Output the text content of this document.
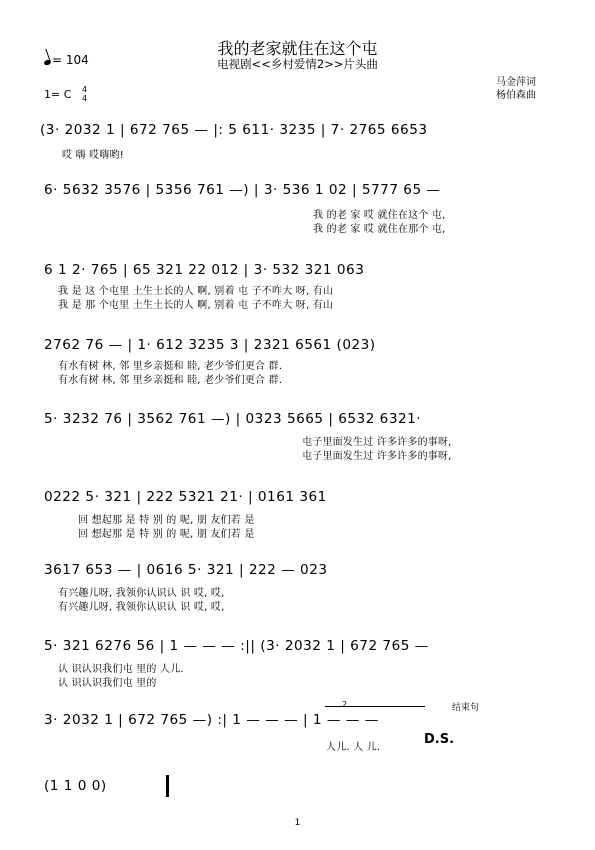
我的老家就住在这个屯
电视剧<<乡村爱情2>>片头曲
= 104
1= C 4
4
马金萍词
杨伯森曲
(3· 2032 1 | 672 765 — |: 5 611· 3235 | 7· 2765 6653
哎 嗨 哎嗨哟!
6· 5632 3576 | 5356 761 —) | 3· 536 1 02 | 5777 65 —
我 的老 家 哎 就住在这个 屯,
我 的老 家 哎 就住在那个 屯,
6 1 2· 765 | 65 321 22 012 | 3· 532 321 063
我 是 这 个屯里 土生土长的人 啊, 别着 屯 子不咋大 呀, 有山
我 是 那 个屯里 土生土长的人 啊, 别着 屯 子不咋大 呀, 有山
2762 76 — | 1· 612 3235 3 | 2321 6561 (023)
有水有树 林, 邻 里乡亲挺和 睦, 老少爷们更合 群.
有水有树 林, 邻 里乡亲挺和 睦, 老少爷们更合 群.
5· 3232 76 | 3562 761 —) | 0323 5665 | 6532 6321·
屯子里面发生过 许多许多的事呀,
屯子里面发生过 许多许多的事呀,
0222 5· 321 | 222 5321 21· | 0161 361
回 想起那 是 特 别 的 呢, 朋 友们若 是
回 想起那 是 特 别 的 呢, 朋 友们若 是
3617 653 — | 0616 5· 321 | 222 — 023
有兴趣儿呀, 我领你认识认 识 哎, 哎,
有兴趣儿呀, 我领你认识认 识 哎, 哎,
5· 321 6276 56 | 1 — — — :|| (3· 2032 1 | 672 765 —
认 识认识我们屯 里的 人儿.
认 识认识我们屯 里的
3· 2032 1 | 672 765 —) :| 1 — — — | 1 — — —
2.	结束句
人儿. 人 儿.
D.S.
(1 1 0 0)
1
